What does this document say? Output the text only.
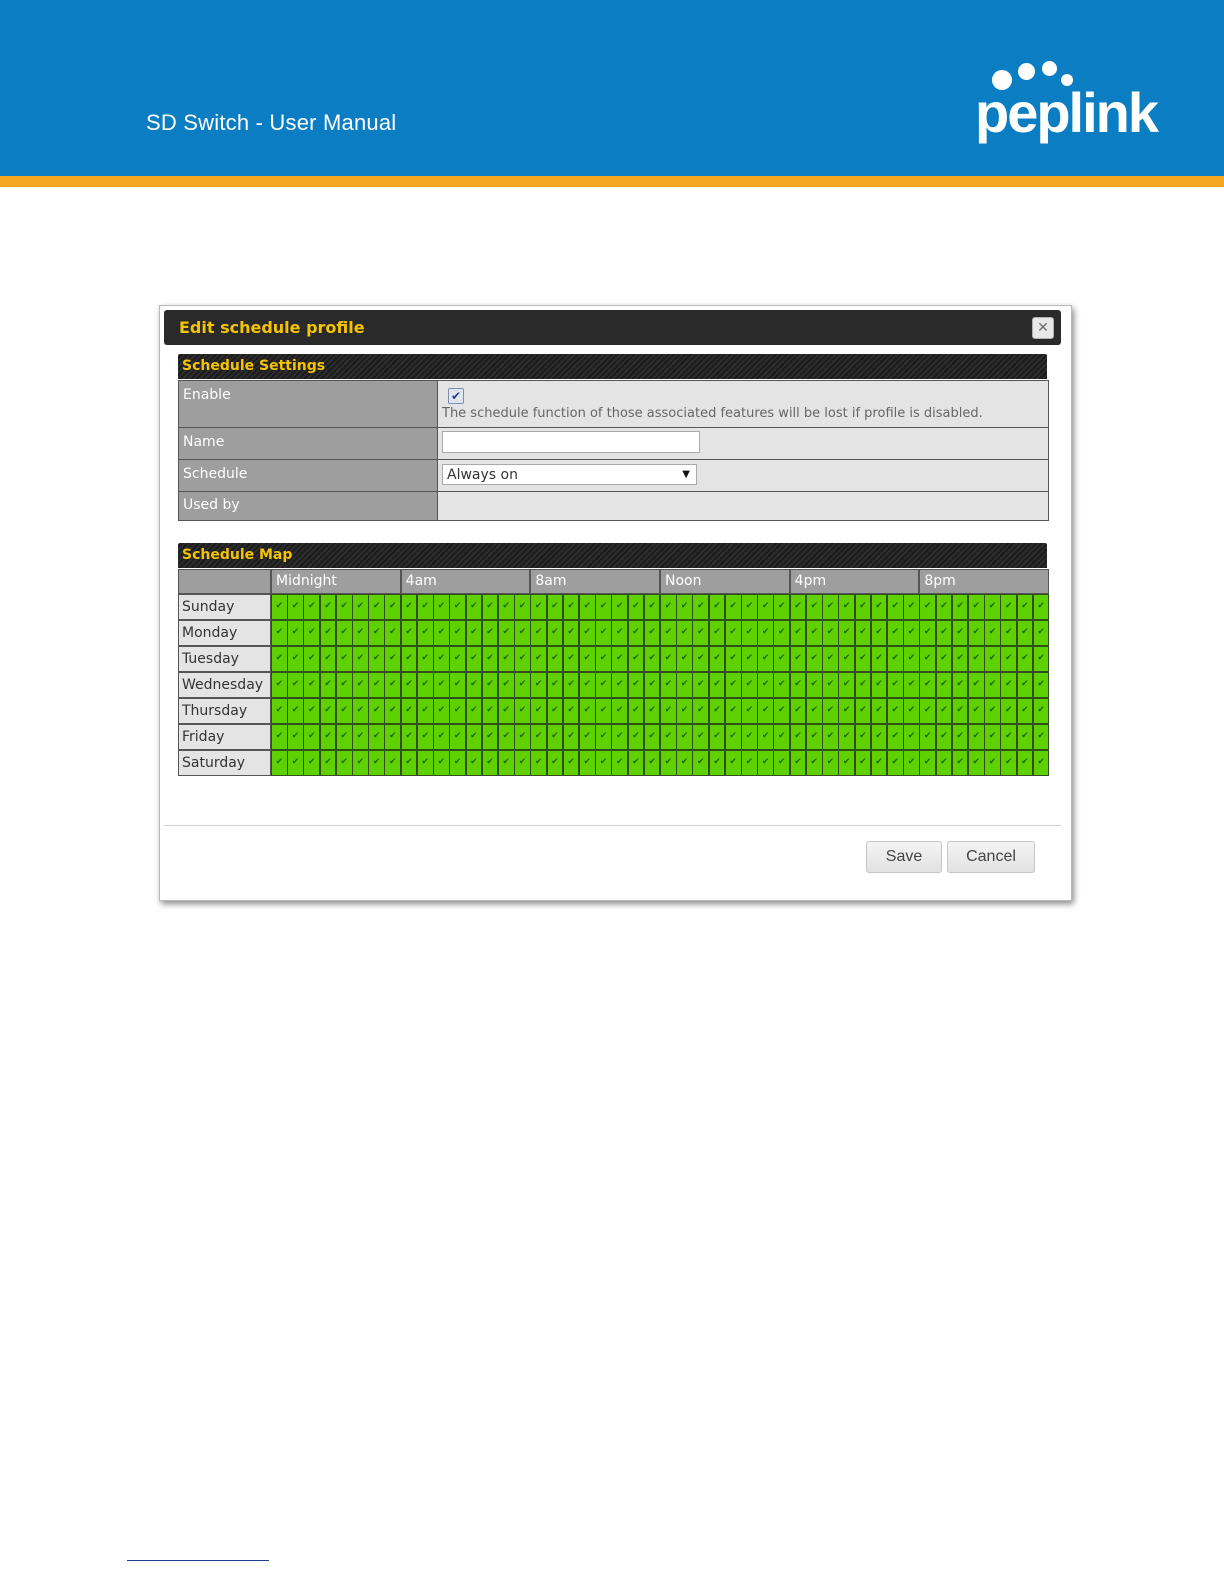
SD Switch - User Manual	peplink
Edit schedule profile	✕
Schedule Settings
Enable	✔
The schedule function of those associated features will be lost if profile is disabled.

Name

Schedule	Always on ▼

Used by	

Schedule Map
Midnight	4am	8am	Noon	4pm	8pm
Sunday	✔ ✔ ✔ ✔ ✔ ✔ ✔ ✔ ✔ ✔ ✔ ✔ ✔ ✔ ✔ ✔ ✔ ✔ ✔ ✔ ✔ ✔ ✔ ✔ ✔ ✔ ✔ ✔ ✔ ✔ ✔ ✔ ✔ ✔ ✔ ✔ ✔ ✔ ✔ ✔ ✔ ✔ ✔ ✔ ✔ ✔ ✔ ✔
Monday	✔ ✔ ✔ ✔ ✔ ✔ ✔ ✔ ✔ ✔ ✔ ✔ ✔ ✔ ✔ ✔ ✔ ✔ ✔ ✔ ✔ ✔ ✔ ✔ ✔ ✔ ✔ ✔ ✔ ✔ ✔ ✔ ✔ ✔ ✔ ✔ ✔ ✔ ✔ ✔ ✔ ✔ ✔ ✔ ✔ ✔ ✔ ✔
Tuesday	✔ ✔ ✔ ✔ ✔ ✔ ✔ ✔ ✔ ✔ ✔ ✔ ✔ ✔ ✔ ✔ ✔ ✔ ✔ ✔ ✔ ✔ ✔ ✔ ✔ ✔ ✔ ✔ ✔ ✔ ✔ ✔ ✔ ✔ ✔ ✔ ✔ ✔ ✔ ✔ ✔ ✔ ✔ ✔ ✔ ✔ ✔ ✔
Wednesday	✔ ✔ ✔ ✔ ✔ ✔ ✔ ✔ ✔ ✔ ✔ ✔ ✔ ✔ ✔ ✔ ✔ ✔ ✔ ✔ ✔ ✔ ✔ ✔ ✔ ✔ ✔ ✔ ✔ ✔ ✔ ✔ ✔ ✔ ✔ ✔ ✔ ✔ ✔ ✔ ✔ ✔ ✔ ✔ ✔ ✔ ✔ ✔
Thursday	✔ ✔ ✔ ✔ ✔ ✔ ✔ ✔ ✔ ✔ ✔ ✔ ✔ ✔ ✔ ✔ ✔ ✔ ✔ ✔ ✔ ✔ ✔ ✔ ✔ ✔ ✔ ✔ ✔ ✔ ✔ ✔ ✔ ✔ ✔ ✔ ✔ ✔ ✔ ✔ ✔ ✔ ✔ ✔ ✔ ✔ ✔ ✔
Friday	✔ ✔ ✔ ✔ ✔ ✔ ✔ ✔ ✔ ✔ ✔ ✔ ✔ ✔ ✔ ✔ ✔ ✔ ✔ ✔ ✔ ✔ ✔ ✔ ✔ ✔ ✔ ✔ ✔ ✔ ✔ ✔ ✔ ✔ ✔ ✔ ✔ ✔ ✔ ✔ ✔ ✔ ✔ ✔ ✔ ✔ ✔ ✔
Saturday	✔ ✔ ✔ ✔ ✔ ✔ ✔ ✔ ✔ ✔ ✔ ✔ ✔ ✔ ✔ ✔ ✔ ✔ ✔ ✔ ✔ ✔ ✔ ✔ ✔ ✔ ✔ ✔ ✔ ✔ ✔ ✔ ✔ ✔ ✔ ✔ ✔ ✔ ✔ ✔ ✔ ✔ ✔ ✔ ✔ ✔ ✔ ✔
Save	Cancel
